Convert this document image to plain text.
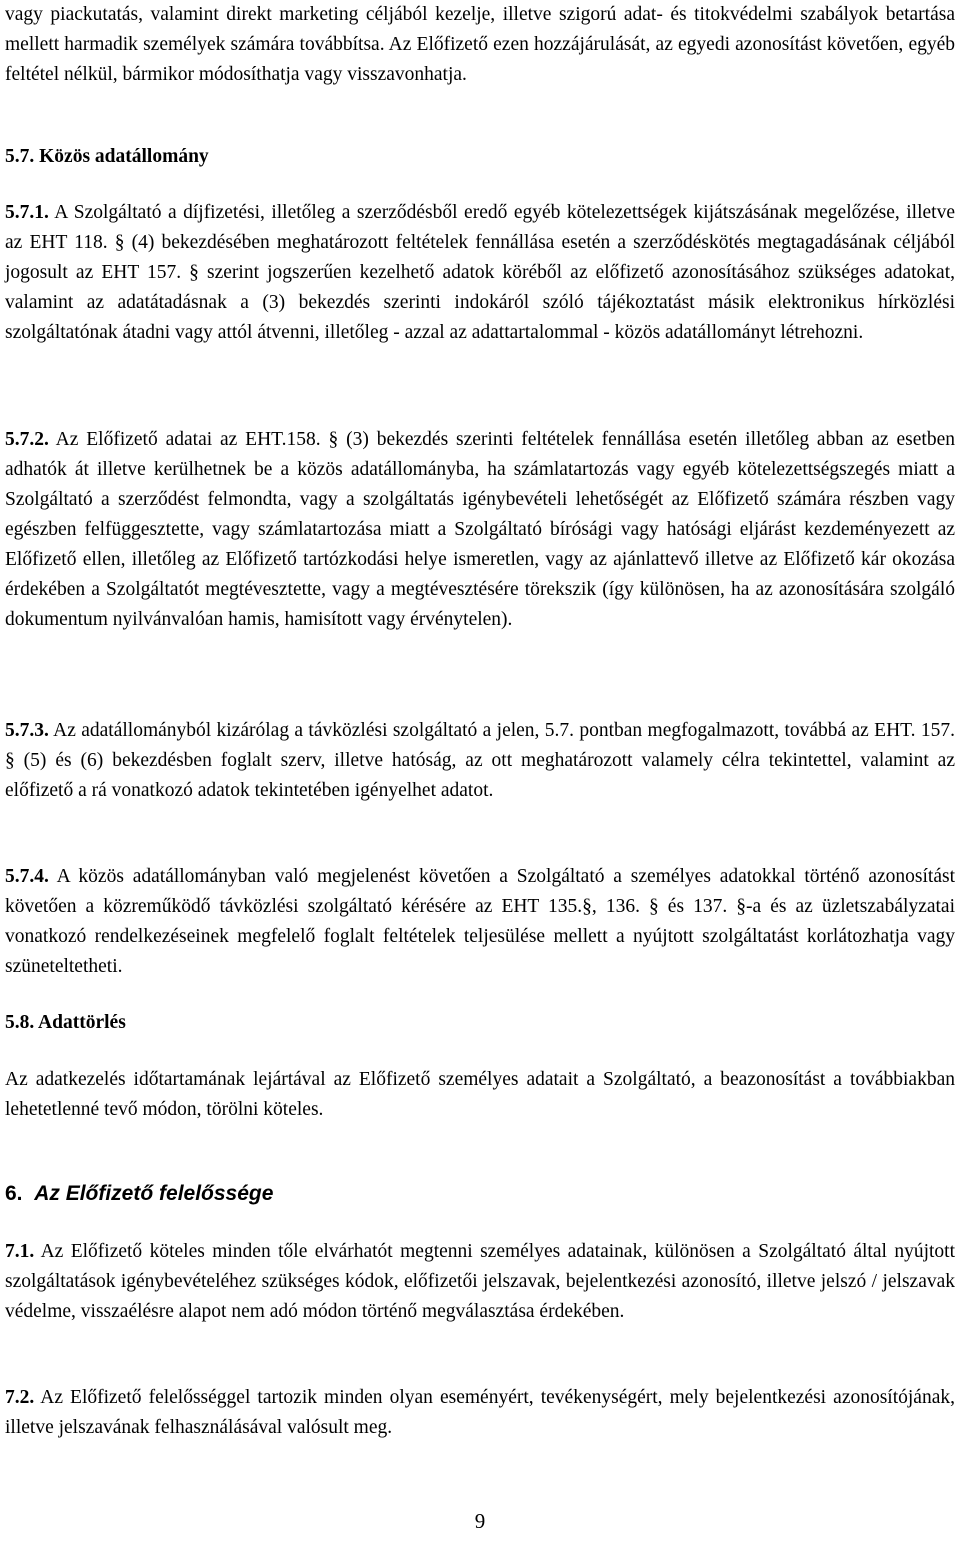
vagy piackutatás, valamint direkt marketing céljából kezelje, illetve szigorú adat- és titokvédelmi szabályok betartása mellett harmadik személyek számára továbbítsa. Az Előfizető ezen hozzájárulását, az egyedi azonosítást követően, egyéb feltétel nélkül, bármikor módosíthatja vagy visszavonhatja.

5.7. Közös adatállomány

5.7.1. A Szolgáltató a díjfizetési, illetőleg a szerződésből eredő egyéb kötelezettségek kijátszásának megelőzése, illetve az EHT 118. § (4) bekezdésében meghatározott feltételek fennállása esetén a szerződéskötés megtagadásának céljából jogosult az EHT 157. § szerint jogszerűen kezelhető adatok köréből az előfizető azonosításához szükséges adatokat, valamint az adatátadásnak a (3) bekezdés szerinti indokáról szóló tájékoztatást másik elektronikus hírközlési szolgáltatónak átadni vagy attól átvenni, illetőleg - azzal az adattartalommal - közös adatállományt létrehozni.

5.7.2. Az Előfizető adatai az EHT.158. § (3) bekezdés szerinti feltételek fennállása esetén illetőleg abban az esetben adhatók át illetve kerülhetnek be a közös adatállományba, ha számlatartozás vagy egyéb kötelezettségszegés miatt a Szolgáltató a szerződést felmondta, vagy a szolgáltatás igénybevételi lehetőségét az Előfizető számára részben vagy egészben felfüggesztette, vagy számlatartozása miatt a Szolgáltató bírósági vagy hatósági eljárást kezdeményezett az Előfizető ellen, illetőleg az Előfizető tartózkodási helye ismeretlen, vagy az ajánlattevő illetve az Előfizető kár okozása érdekében a Szolgáltatót megtévesztette, vagy a megtévesztésére törekszik (így különösen, ha az azonosítására szolgáló dokumentum nyilvánvalóan hamis, hamisított vagy érvénytelen).

5.7.3. Az adatállományból kizárólag a távközlési szolgáltató a jelen, 5.7. pontban megfogalmazott, továbbá az EHT. 157. § (5) és (6) bekezdésben foglalt szerv, illetve hatóság, az ott meghatározott valamely célra tekintettel, valamint az előfizető a rá vonatkozó adatok tekintetében igényelhet adatot.

5.7.4. A közös adatállományban való megjelenést követően a Szolgáltató a személyes adatokkal történő azonosítást követően a közreműködő távközlési szolgáltató kérésére az EHT 135.§, 136. § és 137. §-a és az üzletszabályzatai vonatkozó rendelkezéseinek megfelelő foglalt feltételek teljesülése mellett a nyújtott szolgáltatást korlátozhatja vagy szüneteltetheti.

5.8. Adattörlés

Az adatkezelés időtartamának lejártával az Előfizető személyes adatait a Szolgáltató, a beazonosítást a továbbiakban lehetetlenné tevő módon, törölni köteles.

6. Az Előfizető felelőssége

7.1. Az Előfizető köteles minden tőle elvárhatót megtenni személyes adatainak, különösen a Szolgáltató által nyújtott szolgáltatások igénybevételéhez szükséges kódok, előfizetői jelszavak, bejelentkezési azonosító, illetve jelszó / jelszavak védelme, visszaélésre alapot nem adó módon történő megválasztása érdekében.

7.2. Az Előfizető felelősséggel tartozik minden olyan eseményért, tevékenységért, mely bejelentkezési azonosítójának, illetve jelszavának felhasználásával valósult meg.

9
